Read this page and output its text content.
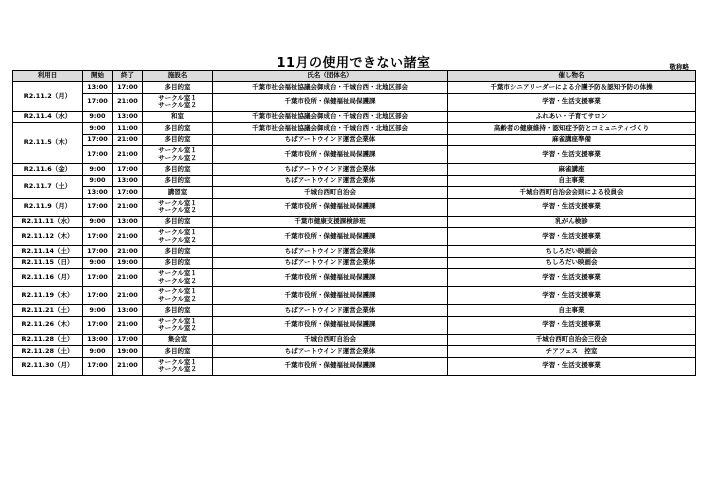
11月の使用できない諸室	敬称略
利用日	開始	終了	施設名	氏名（団体名）	催し物名
R2.11.2（月）	13:00	17:00	多目的室	千葉市社会福祉協議会御成台・千城台西・北地区部会	千葉市シニアリーダーによる介護予防＆認知予防の体操
	17:00	21:00	サークル室１
サークル室２	千葉市役所・保健福祉局保護課	学習・生活支援事業
R2.11.4（水）	9:00	13:00	和室	千葉市社会福祉協議会御成台・千城台西・北地区部会	ふれあい・子育てサロン
R2.11.5（木）	9:00	11:00	多目的室	千葉市社会福祉協議会御成台・千城台西・北地区部会	高齢者の健康維持・認知症予防とコミュニティづくり
	17:00	21:00	多目的室	ちばアートウインド運営企業体	麻雀講座準備
	17:00	21:00	サークル室１
サークル室２	千葉市役所・保健福祉局保護課	学習・生活支援事業
R2.11.6（金）	9:00	17:00	多目的室	ちばアートウインド運営企業体	麻雀講座
R2.11.7（土）	9:00	13:00	多目的室	ちばアートウインド運営企業体	自主事業
	13:00	17:00	講習室	千城台西町自治会	千城台西町自治会会則による役員会
R2.11.9（月）	17:00	21:00	サークル室１
サークル室２	千葉市役所・保健福祉局保護課	学習・生活支援事業
R2.11.11（水）	9:00	13:00	多目的室	千葉市健康支援課検診班	乳がん検診
R2.11.12（木）	17:00	21:00	サークル室１
サークル室２	千葉市役所・保健福祉局保護課	学習・生活支援事業
R2.11.14（土）	17:00	21:00	多目的室	ちばアートウインド運営企業体	ちしろだい映画会
R2.11.15（日）	9:00	19:00	多目的室	ちばアートウインド運営企業体	ちしろだい映画会
R2.11.16（月）	17:00	21:00	サークル室１
サークル室２	千葉市役所・保健福祉局保護課	学習・生活支援事業
R2.11.19（木）	17:00	21:00	サークル室１
サークル室２	千葉市役所・保健福祉局保護課	学習・生活支援事業
R2.11.21（土）	9:00	13:00	多目的室	ちばアートウインド運営企業体	自主事業
R2.11.26（木）	17:00	21:00	サークル室１
サークル室２	千葉市役所・保健福祉局保護課	学習・生活支援事業
R2.11.28（土）	13:00	17:00	集会室	千城台西町自治会	千城台西町自治会三役会
R2.11.28（土）	9:00	19:00	多目的室	ちばアートウインド運営企業体	チアフェス　控室
R2.11.30（月）	17:00	21:00	サークル室１
サークル室２	千葉市役所・保健福祉局保護課	学習・生活支援事業
